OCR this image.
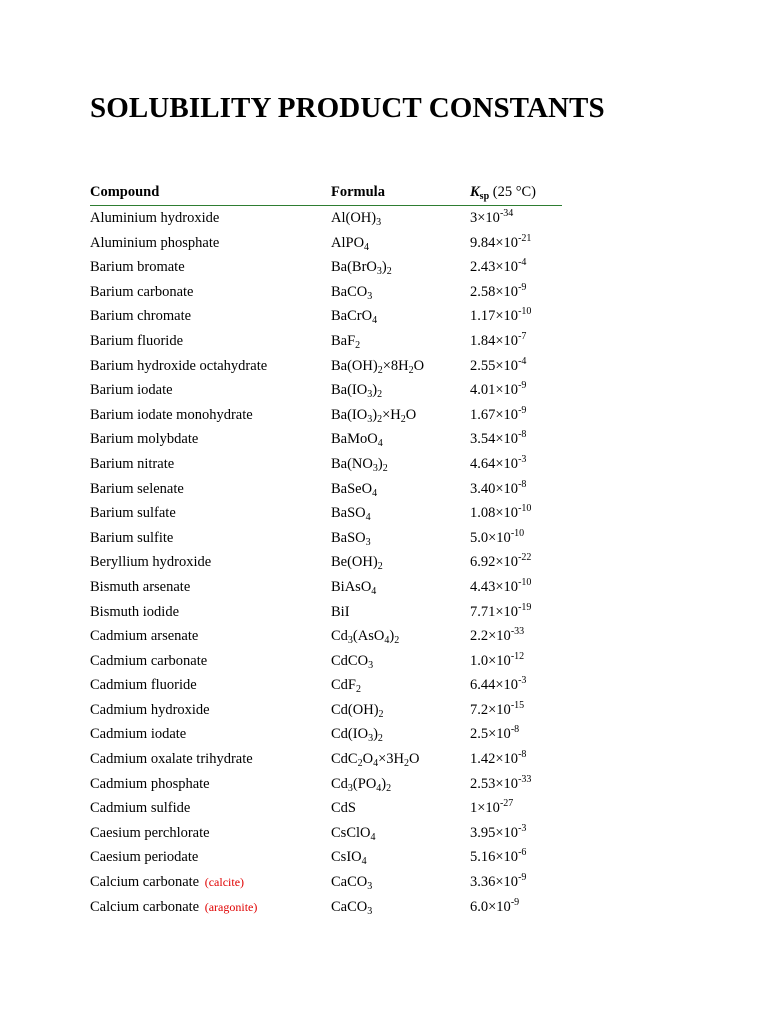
SOLUBILITY PRODUCT CONSTANTS
Compound	Formula	$K_{sp}$ (25 °C)
Aluminium hydroxide	$Al(OH)_3$	$3\times 10^{-34}$
Aluminium phosphate	AlPO$_4$	$9.84\times 10^{-21}$
Barium bromate	$Ba(BrO_3)_2$	$2.43\times 10^{-4}$
Barium carbonate	BaCO$_3$	$2.58\times 10^{-9}$
Barium chromate	BaCrO$_4$	$1.17\times 10^{-10}$
Barium fluoride	BaF$_2$	$1.84\times 10^{-7}$
Barium hydroxide octahydrate	$Ba(OH)_2\times 8H_2O$	$2.55\times 10^{-4}$
Barium iodate	$Ba(IO_3)_2$	$4.01\times 10^{-9}$
Barium iodate monohydrate	$Ba(IO_3)_2\times H_2O$	$1.67\times 10^{-9}$
Barium molybdate	BaMoO$_4$	$3.54\times 10^{-8}$
Barium nitrate	$Ba(NO_3)_2$	$4.64\times 10^{-3}$
Barium selenate	BaSeO$_4$	$3.40\times 10^{-8}$
Barium sulfate	BaSO$_4$	$1.08\times 10^{-10}$
Barium sulfite	BaSO$_3$	$5.0\times 10^{-10}$
Beryllium hydroxide	$Be(OH)_2$	$6.92\times 10^{-22}$
Bismuth arsenate	BiAsO$_4$	$4.43\times 10^{-10}$
Bismuth iodide	BiI	$7.71\times 10^{-19}$
Cadmium arsenate	$Cd_3(AsO_4)_2$	$2.2\times 10^{-33}$
Cadmium carbonate	CdCO$_3$	$1.0\times 10^{-12}$
Cadmium fluoride	CdF$_2$	$6.44\times 10^{-3}$
Cadmium hydroxide	$Cd(OH)_2$	$7.2\times 10^{-15}$
Cadmium iodate	$Cd(IO_3)_2$	$2.5\times 10^{-8}$
Cadmium oxalate trihydrate	$CdC_2O_4\times 3H_2O$	$1.42\times 10^{-8}$
Cadmium phosphate	$Cd_3(PO_4)_2$	$2.53\times 10^{-33}$
Cadmium sulfide	CdS	$1\times 10^{-27}$
Caesium perchlorate	CsClO$_4$	$3.95\times 10^{-3}$
Caesium periodate	CsIO$_4$	$5.16\times 10^{-6}$
Calcium carbonate (calcite)	CaCO$_3$	$3.36\times 10^{-9}$
Calcium carbonate (aragonite)	CaCO$_3$	$6.0\times 10^{-9}$
